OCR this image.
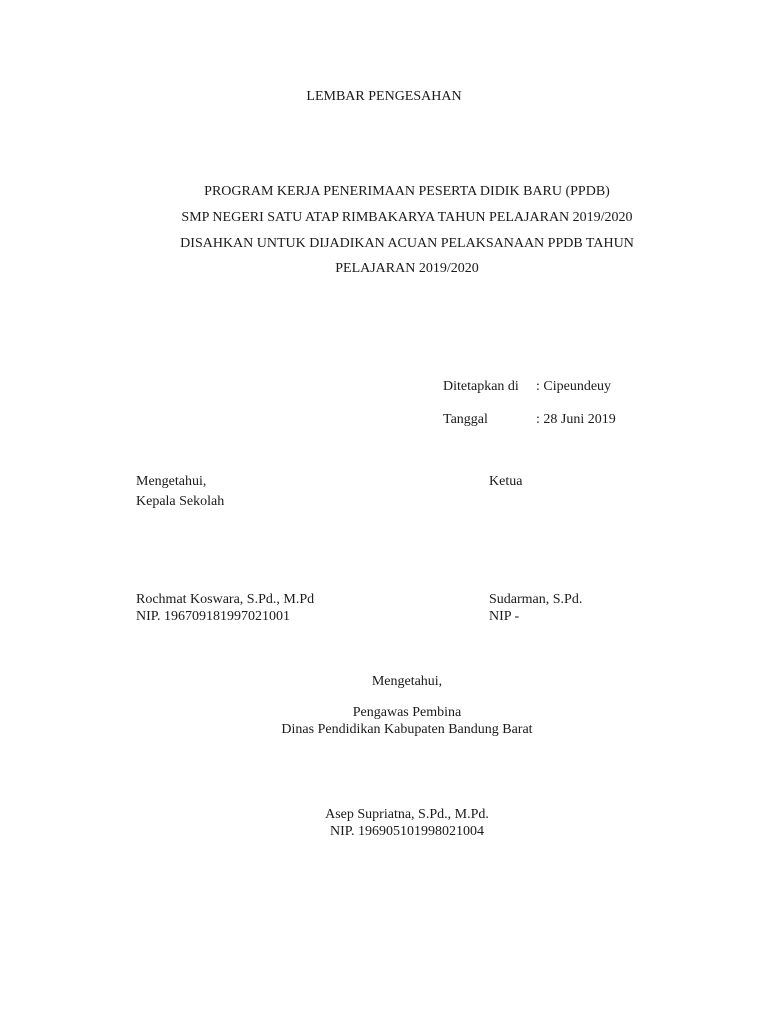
LEMBAR PENGESAHAN
PROGRAM KERJA PENERIMAAN PESERTA DIDIK BARU (PPDB)
SMP NEGERI SATU ATAP RIMBAKARYA TAHUN PELAJARAN 2019/2020
DISAHKAN UNTUK DIJADIKAN ACUAN PELAKSANAAN PPDB TAHUN
PELAJARAN 2019/2020
Ditetapkan di : Cipeundeuy
Tanggal	: 28 Juni 2019
Mengetahui,
Kepala Sekolah
Rochmat Koswara, S.Pd., M.Pd
NIP. 196709181997021001
Ketua
Sudarman, S.Pd.
NIP -
Mengetahui,
Pengawas Pembina
Dinas Pendidikan Kabupaten Bandung Barat
Asep Supriatna, S.Pd., M.Pd.
NIP. 196905101998021004
